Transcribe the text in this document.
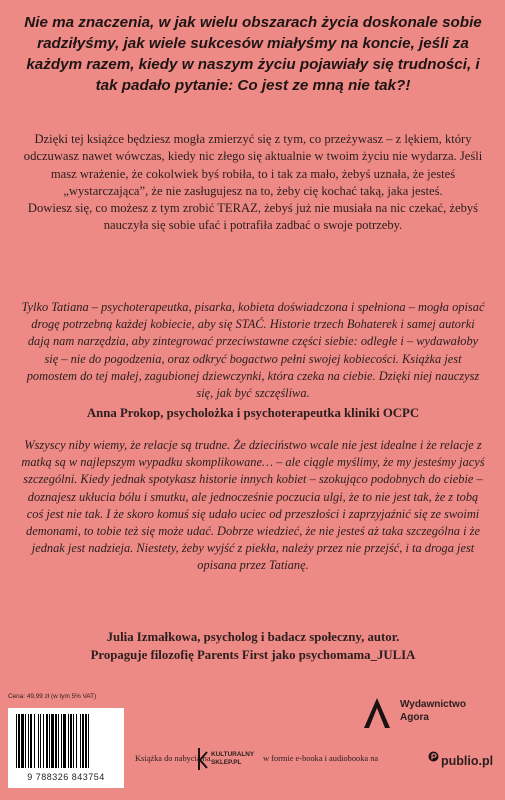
Nie ma znaczenia, w jak wielu obszarach życia doskonale sobie radziłyśmy, jak wiele sukcesów miałyśmy na koncie, jeśli za każdym razem, kiedy w naszym życiu pojawiały się trudności, i tak padało pytanie: Co jest ze mną nie tak?!
Dzięki tej książce będziesz mogła zmierzyć się z tym, co przeżywasz – z lękiem, który odczuwasz nawet wówczas, kiedy nic złego się aktualnie w twoim życiu nie wydarza. Jeśli masz wrażenie, że cokolwiek byś robiła, to i tak za mało, żebyś uznała, że jesteś „wystarczająca”, że nie zasługujesz na to, żeby cię kochać taką, jaka jesteś.
Dowiesz się, co możesz z tym zrobić TERAZ, żebyś już nie musiała na nic czekać, żebyś nauczyła się sobie ufać i potrafiła zadbać o swoje potrzeby.
Tylko Tatiana – psychoterapeutka, pisarka, kobieta doświadczona i spełniona – mogła opisać drogę potrzebną każdej kobiecie, aby się STAĆ. Historie trzech Bohaterek i samej autorki dają nam narzędzia, aby zintegrować przeciwstawne części siebie: odległe i – wydawałoby się – nie do pogodzenia, oraz odkryć bogactwo pełni swojej kobiecości. Książka jest pomostem do tej małej, zagubionej dziewczynki, która czeka na ciebie. Dzięki niej nauczysz się, jak być szczęśliwa.
Anna Prokop, psycholożka i psychoterapeutka kliniki OCPC
Wszyscy niby wiemy, że relacje są trudne. Że dzieciństwo wcale nie jest idealne i że relacje z matką są w najlepszym wypadku skomplikowane… – ale ciągle myślimy, że my jesteśmy jacyś szczególni. Kiedy jednak spotykasz historie innych kobiet – szokująco podobnych do ciebie – doznajesz ukłucia bólu i smutku, ale jednocześnie poczucia ulgi, że to nie jest tak, że z tobą coś jest nie tak. I że skoro komuś się udało uciec od przeszłości i zaprzyjaźnić się ze swoimi demonami, to tobie też się może udać. Dobrze wiedzieć, że nie jesteś aż taka szczególna i że jednak jest nadzieja. Niestety, żeby wyjść z piekła, należy przez nie przejść, i ta droga jest opisana przez Tatianę.
Julia Izmałkowa, psycholog i badacz społeczny, autor.
Propaguje filozofię Parents First jako psychomama_JULIA
Cena: 49,99 zł (w tym 5% VAT)
9 788326 843754
Wydawnictwo
Agora
Książka do nabycia na KULTURALNY
SKLEP.PL	w formie e-booka i audiobooka na	publio.pl
